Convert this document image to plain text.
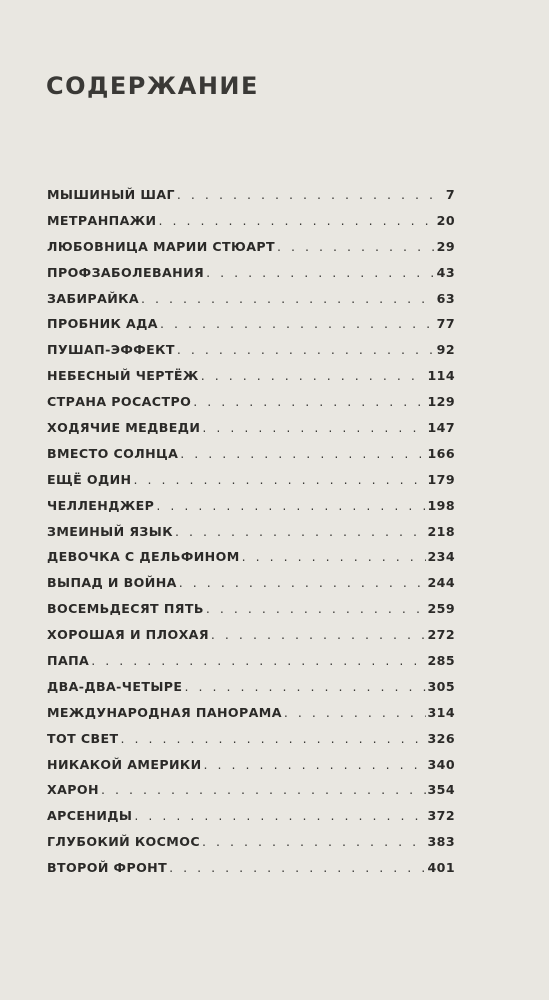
СОДЕРЖАНИЕ
МЫШИНЫЙ ШАГ . . .	7
МЕТРАНПАЖИ . . .	20
ЛЮБОВНИЦА МАРИИ СТЮАРТ . . .	29
ПРОФЗАБОЛЕВАНИЯ . . .	43
ЗАБИРАЙКА . . .	63
ПРОБНИК АДА . . .	77
ПУШАП-ЭФФЕКТ . . .	92
НЕБЕСНЫЙ ЧЕРТЁЖ . . .	114
СТРАНА РОСАСТРО . . .	129
ХОДЯЧИЕ МЕДВЕДИ . . .	147
ВМЕСТО СОЛНЦА . . .	166
ЕЩЁ ОДИН . . .	179
ЧЕЛЛЕНДЖЕР . . .	198
ЗМЕИНЫЙ ЯЗЫК . . .	218
ДЕВОЧКА С ДЕЛЬФИНОМ . . .	234
ВЫПАД И ВОЙНА . . .	244
ВОСЕМЬДЕСЯТ ПЯТЬ . . .	259
ХОРОШАЯ И ПЛОХАЯ . . .	272
ПАПА . . .	285
ДВА-ДВА-ЧЕТЫРЕ . . .	305
МЕЖДУНАРОДНАЯ ПАНОРАМА . . .	314
ТОТ СВЕТ . . .	326
НИКАКОЙ АМЕРИКИ . . .	340
ХАРОН . . .	354
АРСЕНИДЫ . . .	372
ГЛУБОКИЙ КОСМОС . . .	383
ВТОРОЙ ФРОНТ . . .	401
